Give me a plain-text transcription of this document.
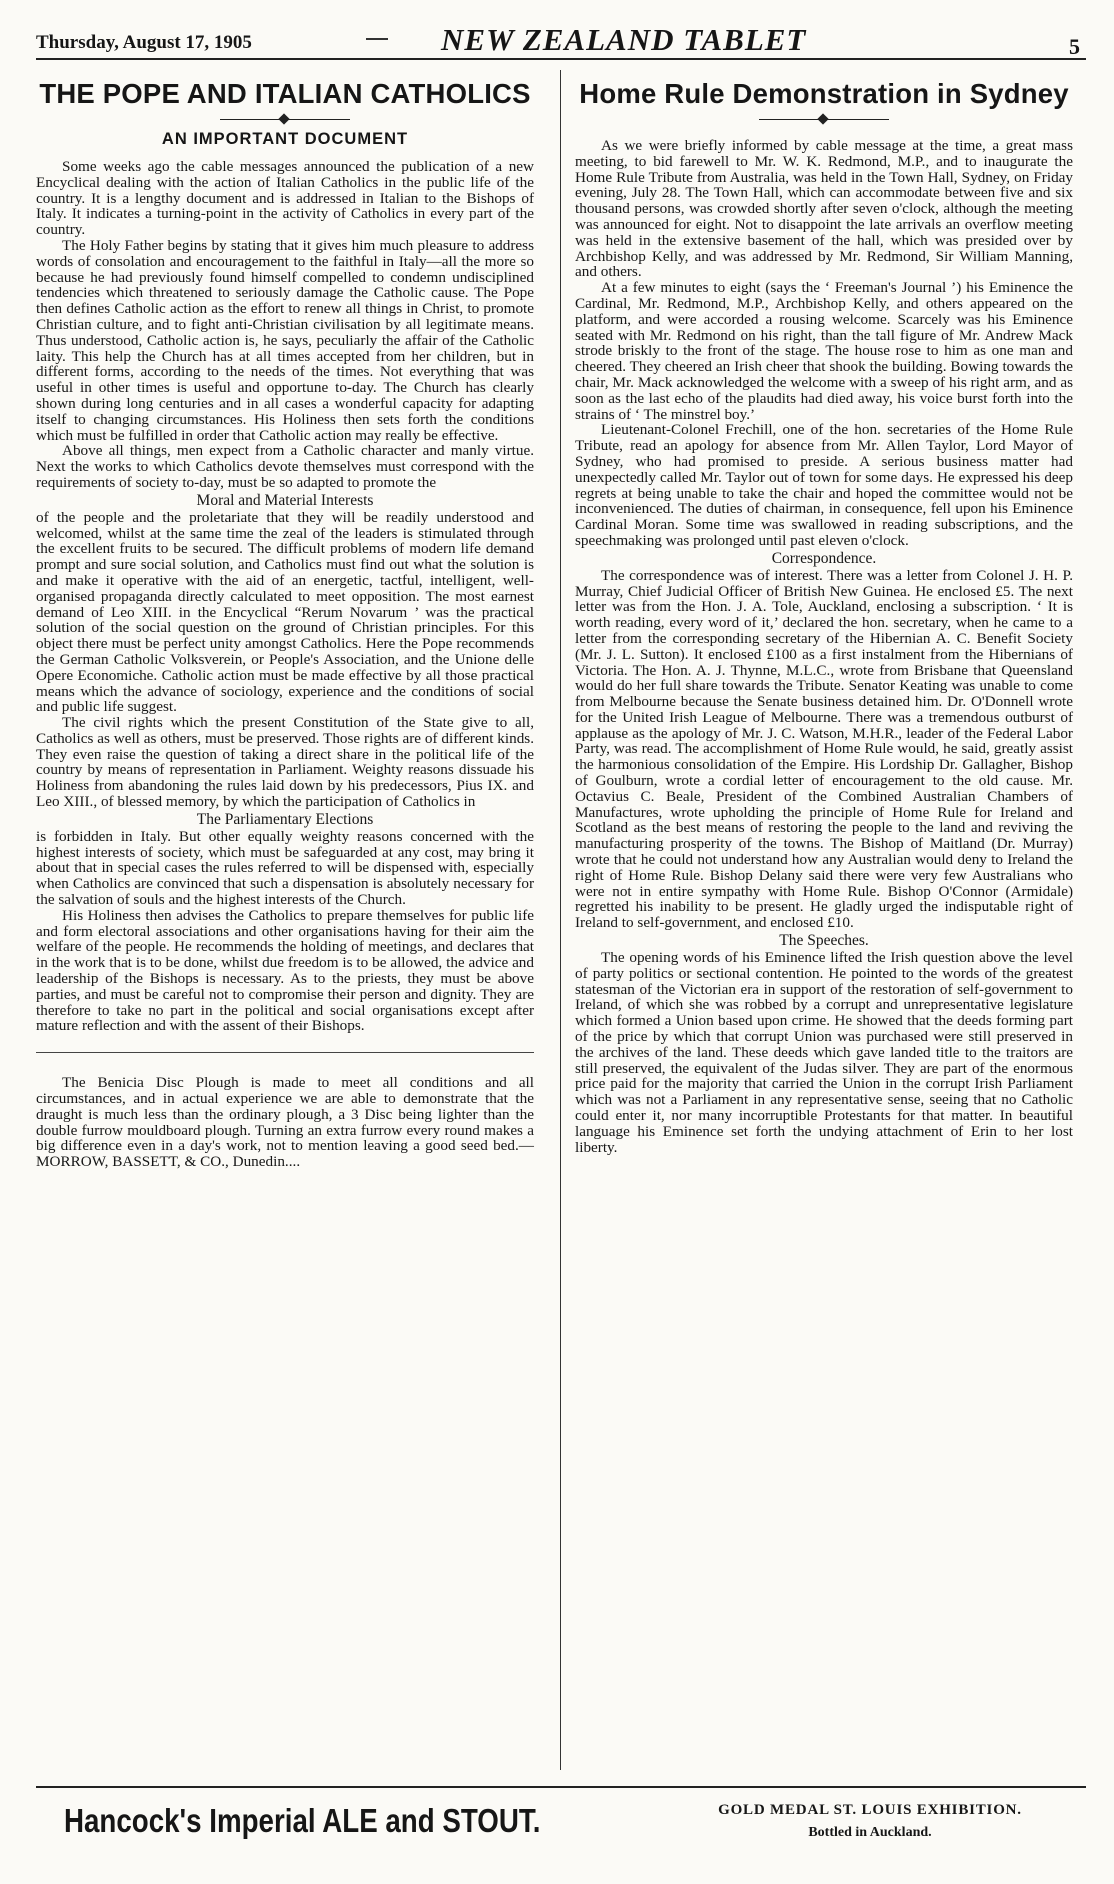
Thursday, August 17, 1905	NEW ZEALAND TABLET	5
THE POPE AND ITALIAN CATHOLICS
AN IMPORTANT DOCUMENT

Some weeks ago the cable messages announced the publication of a new Encyclical dealing with the action of Italian Catholics in the public life of the country. It is a lengthy document and is addressed in Italian to the Bishops of Italy. It indicates a turning-point in the activity of Catholics in every part of the country.

The Holy Father begins by stating that it gives him much pleasure to address words of consolation and encouragement to the faithful in Italy—all the more so because he had previously found himself compelled to condemn undisciplined tendencies which threatened to seriously damage the Catholic cause. The Pope then defines Catholic action as the effort to renew all things in Christ, to promote Christian culture, and to fight anti-Christian civilisation by all legitimate means. Thus understood, Catholic action is, he says, peculiarly the affair of the Catholic laity. This help the Church has at all times accepted from her children, but in different forms, according to the needs of the times. Not everything that was useful in other times is useful and opportune to-day. The Church has clearly shown during long centuries and in all cases a wonderful capacity for adapting itself to changing circumstances. His Holiness then sets forth the conditions which must be fulfilled in order that Catholic action may really be effective.

Above all things, men expect from a Catholic character and manly virtue. Next the works to which Catholics devote themselves must correspond with the requirements of society to-day, must be so adapted to promote the

Moral and Material Interests

of the people and the proletariate that they will be readily understood and welcomed, whilst at the same time the zeal of the leaders is stimulated through the excellent fruits to be secured. The difficult problems of modern life demand prompt and sure social solution, and Catholics must find out what the solution is and make it operative with the aid of an energetic, tactful, intelligent, well-organised propaganda directly calculated to meet opposition. The most earnest demand of Leo XIII. in the Encyclical “Rerum Novarum ’ was the practical solution of the social question on the ground of Christian principles. For this object there must be perfect unity amongst Catholics. Here the Pope recommends the German Catholic Volksverein, or People's Association, and the Unione delle Opere Economiche. Catholic action must be made effective by all those practical means which the advance of sociology, experience and the conditions of social and public life suggest.

The civil rights which the present Constitution of the State give to all, Catholics as well as others, must be preserved. Those rights are of different kinds. They even raise the question of taking a direct share in the political life of the country by means of representation in Parliament. Weighty reasons dissuade his Holiness from abandoning the rules laid down by his predecessors, Pius IX. and Leo XIII., of blessed memory, by which the participation of Catholics in

The Parliamentary Elections

is forbidden in Italy. But other equally weighty reasons concerned with the highest interests of society, which must be safeguarded at any cost, may bring it about that in special cases the rules referred to will be dispensed with, especially when Catholics are convinced that such a dispensation is absolutely necessary for the salvation of souls and the highest interests of the Church.

His Holiness then advises the Catholics to prepare themselves for public life and form electoral associations and other organisations having for their aim the welfare of the people. He recommends the holding of meetings, and declares that in the work that is to be done, whilst due freedom is to be allowed, the advice and leadership of the Bishops is necessary. As to the priests, they must be above parties, and must be careful not to compromise their person and dignity. They are therefore to take no part in the political and social organisations except after mature reflection and with the assent of their Bishops.

The Benicia Disc Plough is made to meet all conditions and all circumstances, and in actual experience we are able to demonstrate that the draught is much less than the ordinary plough, a 3 Disc being lighter than the double furrow mouldboard plough. Turning an extra furrow every round makes a big difference even in a day's work, not to mention leaving a good seed bed.— MORROW, BASSETT, & CO., Dunedin....

Home Rule Demonstration in Sydney

As we were briefly informed by cable message at the time, a great mass meeting, to bid farewell to Mr. W. K. Redmond, M.P., and to inaugurate the Home Rule Tribute from Australia, was held in the Town Hall, Sydney, on Friday evening, July 28. The Town Hall, which can accommodate between five and six thousand persons, was crowded shortly after seven o'clock, although the meeting was announced for eight. Not to disappoint the late arrivals an overflow meeting was held in the extensive basement of the hall, which was presided over by Archbishop Kelly, and was addressed by Mr. Redmond, Sir William Manning, and others.

At a few minutes to eight (says the ‘ Freeman's Journal ’) his Eminence the Cardinal, Mr. Redmond, M.P., Archbishop Kelly, and others appeared on the platform, and were accorded a rousing welcome. Scarcely was his Eminence seated with Mr. Redmond on his right, than the tall figure of Mr. Andrew Mack strode briskly to the front of the stage. The house rose to him as one man and cheered. They cheered an Irish cheer that shook the building. Bowing towards the chair, Mr. Mack acknowledged the welcome with a sweep of his right arm, and as soon as the last echo of the plaudits had died away, his voice burst forth into the strains of ‘ The minstrel boy.’

Lieutenant-Colonel Frechill, one of the hon. secretaries of the Home Rule Tribute, read an apology for absence from Mr. Allen Taylor, Lord Mayor of Sydney, who had promised to preside. A serious business matter had unexpectedly called Mr. Taylor out of town for some days. He expressed his deep regrets at being unable to take the chair and hoped the committee would not be inconvenienced. The duties of chairman, in consequence, fell upon his Eminence Cardinal Moran. Some time was swallowed in reading subscriptions, and the speechmaking was prolonged until past eleven o'clock.

Correspondence.

The correspondence was of interest. There was a letter from Colonel J. H. P. Murray, Chief Judicial Officer of British New Guinea. He enclosed £5. The next letter was from the Hon. J. A. Tole, Auckland, enclosing a subscription. ‘ It is worth reading, every word of it,’ declared the hon. secretary, when he came to a letter from the corresponding secretary of the Hibernian A. C. Benefit Society (Mr. J. L. Sutton). It enclosed £100 as a first instalment from the Hibernians of Victoria. The Hon. A. J. Thynne, M.L.C., wrote from Brisbane that Queensland would do her full share towards the Tribute. Senator Keating was unable to come from Melbourne because the Senate business detained him. Dr. O'Donnell wrote for the United Irish League of Melbourne. There was a tremendous outburst of applause as the apology of Mr. J. C. Watson, M.H.R., leader of the Federal Labor Party, was read. The accomplishment of Home Rule would, he said, greatly assist the harmonious consolidation of the Empire. His Lordship Dr. Gallagher, Bishop of Goulburn, wrote a cordial letter of encouragement to the old cause. Mr. Octavius C. Beale, President of the Combined Australian Chambers of Manufactures, wrote upholding the principle of Home Rule for Ireland and Scotland as the best means of restoring the people to the land and reviving the manufacturing prosperity of the towns. The Bishop of Maitland (Dr. Murray) wrote that he could not understand how any Australian would deny to Ireland the right of Home Rule. Bishop Delany said there were very few Australians who were not in entire sympathy with Home Rule. Bishop O'Connor (Armidale) regretted his inability to be present. He gladly urged the indisputable right of Ireland to self-government, and enclosed £10.

The Speeches.

The opening words of his Eminence lifted the Irish question above the level of party politics or sectional contention. He pointed to the words of the greatest statesman of the Victorian era in support of the restoration of self-government to Ireland, of which she was robbed by a corrupt and unrepresentative legislature which formed a Union based upon crime. He showed that the deeds forming part of the price by which that corrupt Union was purchased were still preserved in the archives of the land. These deeds which gave landed title to the traitors are still preserved, the equivalent of the Judas silver. They are part of the enormous price paid for the majority that carried the Union in the corrupt Irish Parliament which was not a Parliament in any representative sense, seeing that no Catholic could enter it, nor many incorruptible Protestants for that matter. In beautiful language his Eminence set forth the undying attachment of Erin to her lost liberty.

Hancock's Imperial ALE and STOUT.	GOLD MEDAL ST. LOUIS EXHIBITION.
Bottled in Auckland.
